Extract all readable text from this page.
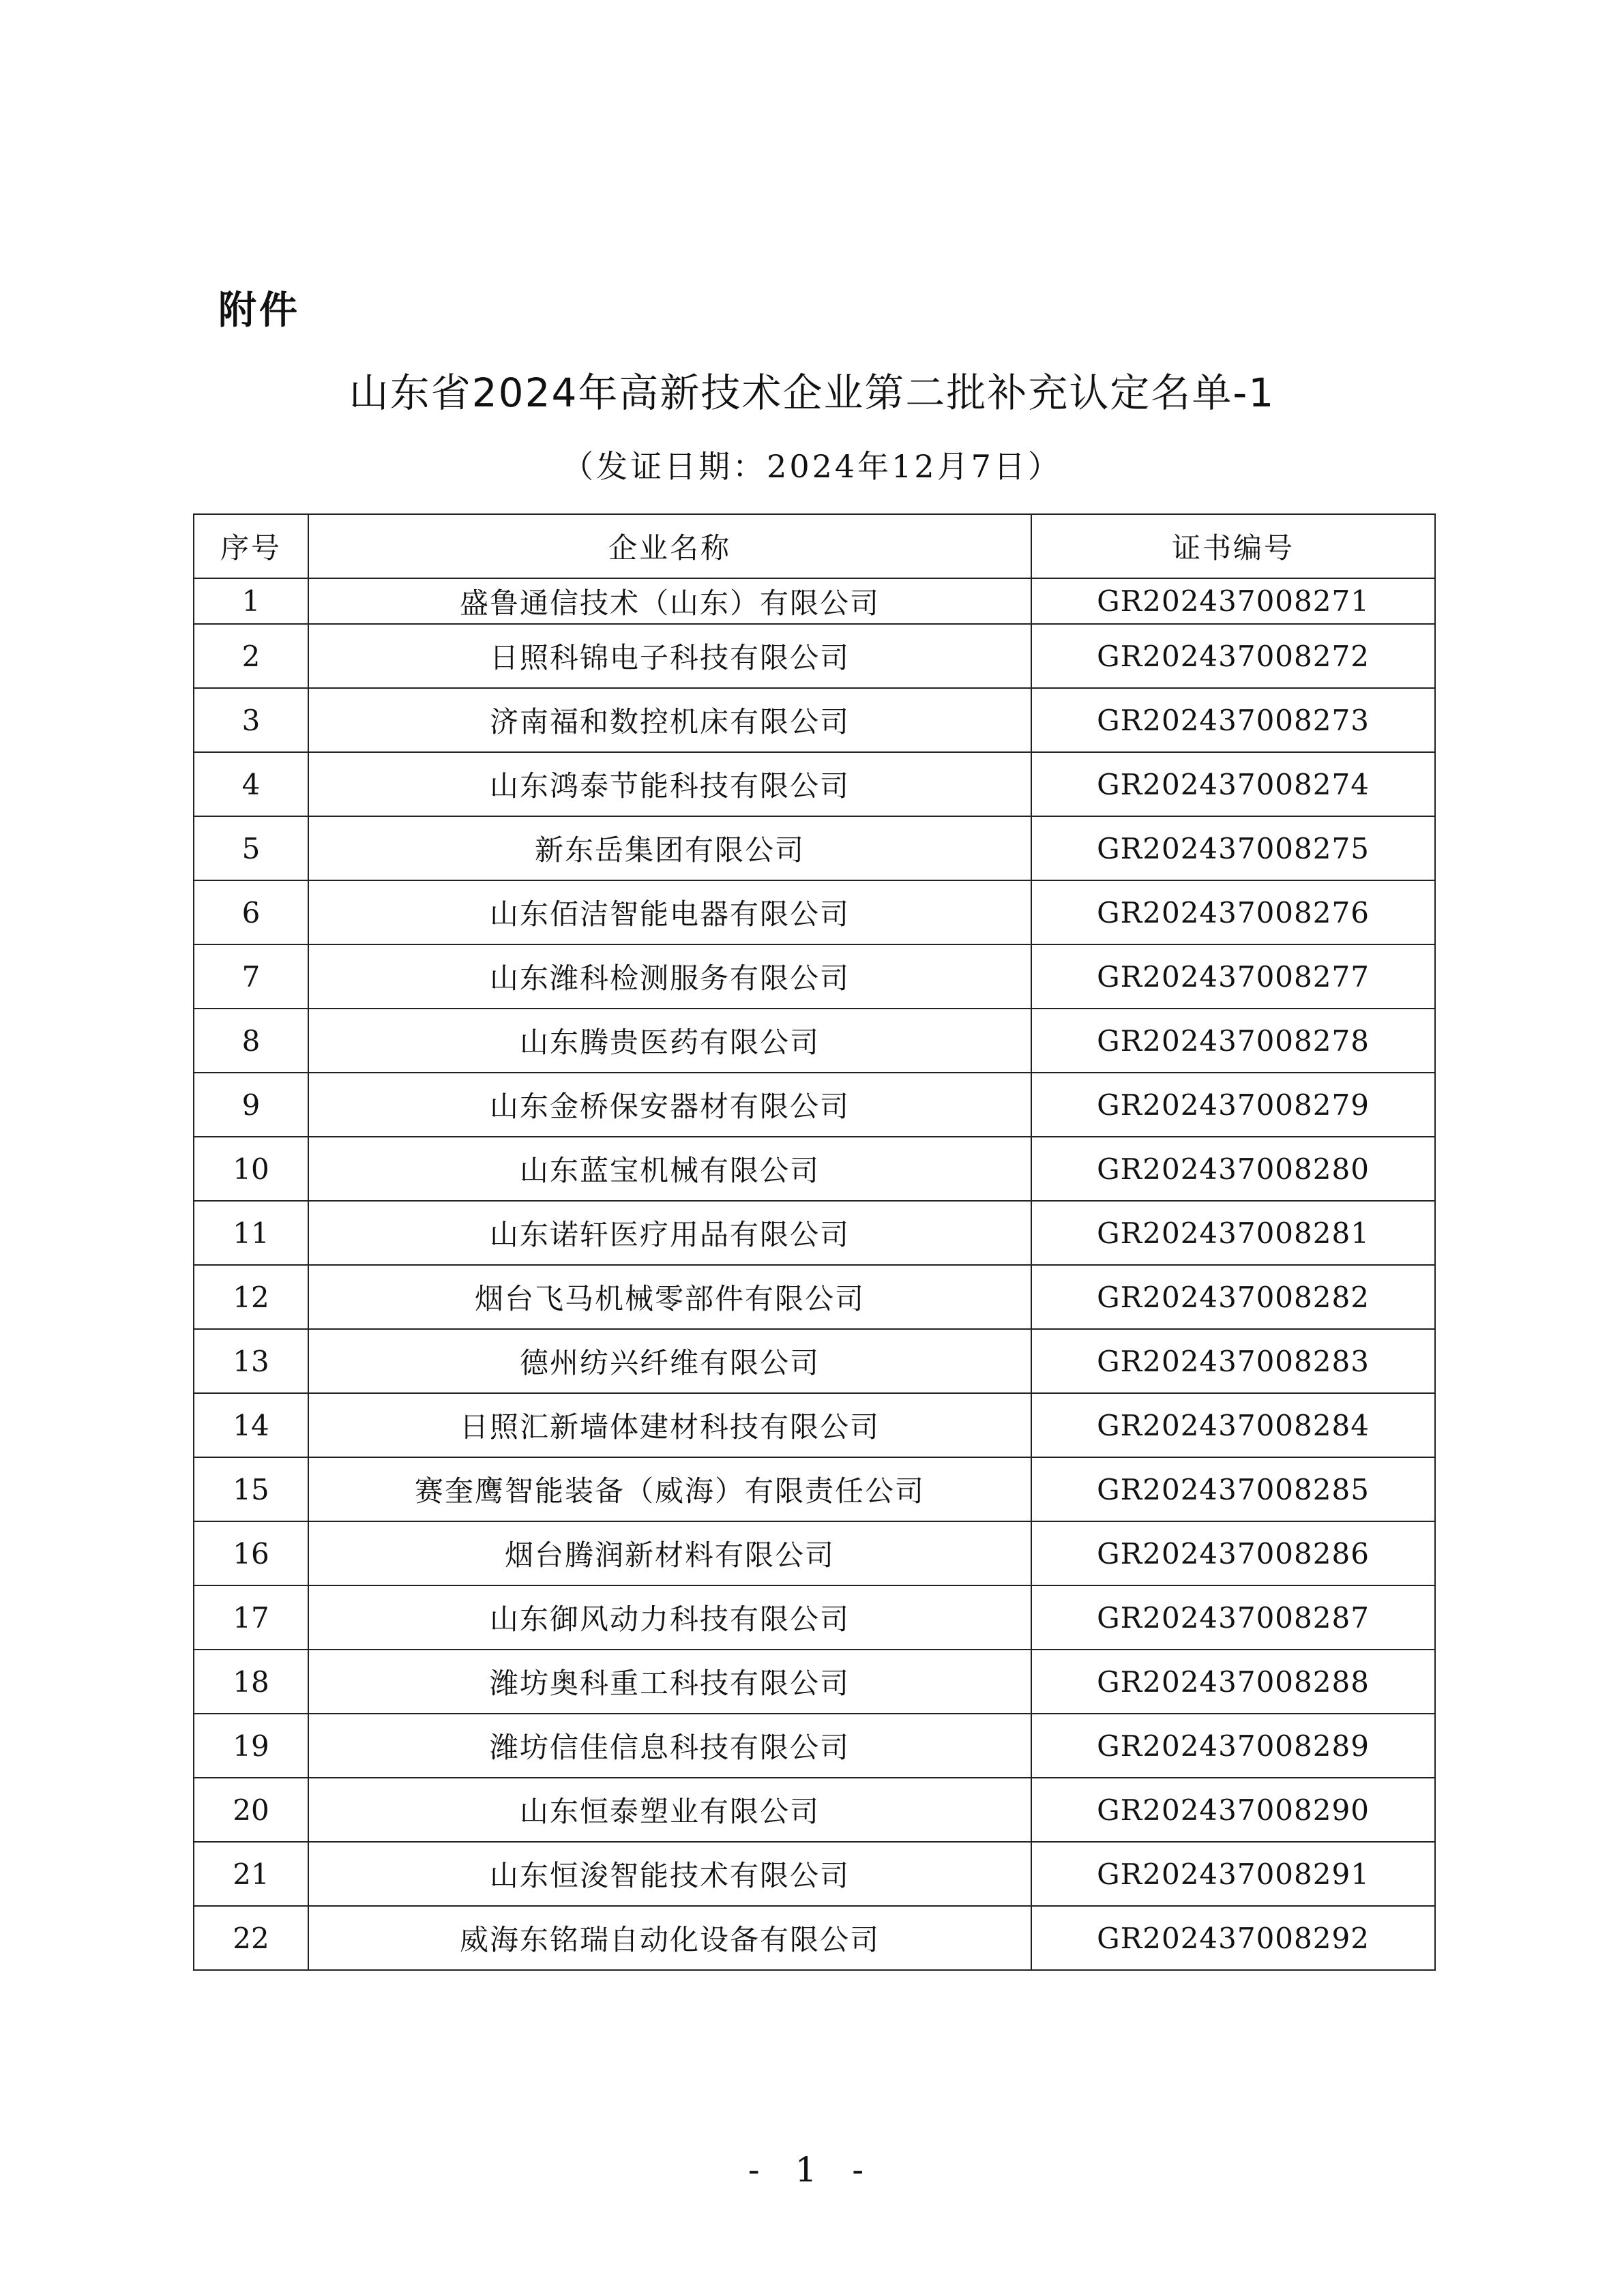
附件
山东省2024年高新技术企业第二批补充认定名单-1
（发证日期：2024年12月7日）
序号	企业名称	证书编号
1	盛鲁通信技术（山东）有限公司	GR202437008271
2	日照科锦电子科技有限公司	GR202437008272
3	济南福和数控机床有限公司	GR202437008273
4	山东鸿泰节能科技有限公司	GR202437008274
5	新东岳集团有限公司	GR202437008275
6	山东佰洁智能电器有限公司	GR202437008276
7	山东潍科检测服务有限公司	GR202437008277
8	山东腾贵医药有限公司	GR202437008278
9	山东金桥保安器材有限公司	GR202437008279
10	山东蓝宝机械有限公司	GR202437008280
11	山东诺轩医疗用品有限公司	GR202437008281
12	烟台飞马机械零部件有限公司	GR202437008282
13	德州纺兴纤维有限公司	GR202437008283
14	日照汇新墙体建材科技有限公司	GR202437008284
15	赛奎鹰智能装备（威海）有限责任公司	GR202437008285
16	烟台腾润新材料有限公司	GR202437008286
17	山东御风动力科技有限公司	GR202437008287
18	潍坊奥科重工科技有限公司	GR202437008288
19	潍坊信佳信息科技有限公司	GR202437008289
20	山东恒泰塑业有限公司	GR202437008290
21	山东恒浚智能技术有限公司	GR202437008291
22	威海东铭瑞自动化设备有限公司	GR202437008292
- 1 -
